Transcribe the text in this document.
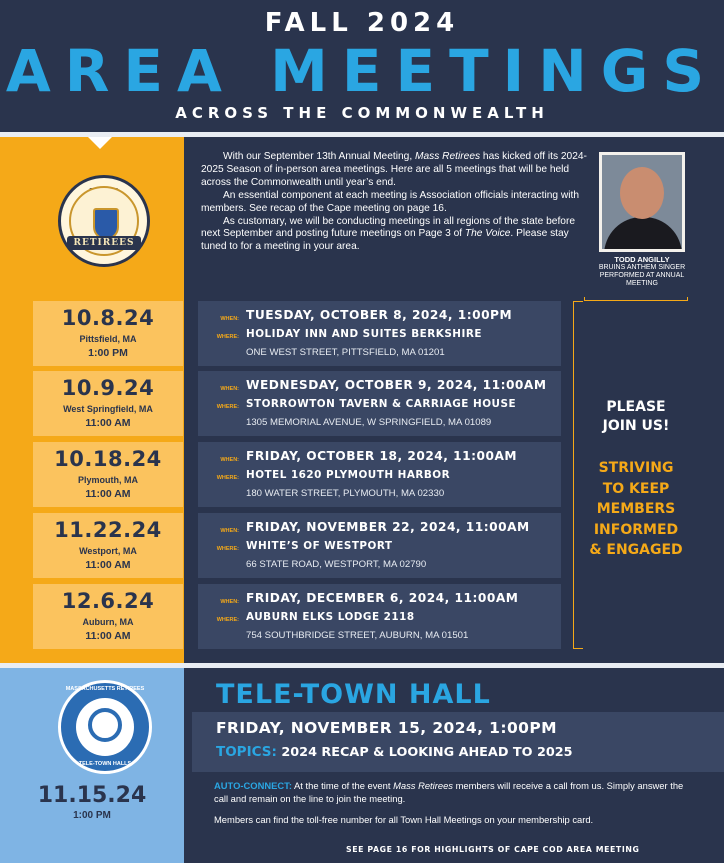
FALL 2024
AREA MEETINGS
ACROSS THE COMMONWEALTH
RETIREES

With our September 13th Annual Meeting, Mass Retirees has kicked off its 2024-2025 Season of in-person area meetings. Here are all 5 meetings that will be held across the Commonwealth until year’s end.

An essential component at each meeting is Association officials interacting with members. See recap of the Cape meeting on page 16.

As customary, we will be conducting meetings in all regions of the state before next September and posting future meetings on Page 3 of The Voice. Please stay tuned to for a meeting in your area.

TODD ANGILLY
BRUINS ANTHEM SINGER PERFORMED AT ANNUAL MEETING
10.8.24
Pittsfield, MA
1:00 PM
WHEN:
WHERE:
TUESDAY, OCTOBER 8, 2024, 1:00PM
HOLIDAY INN AND SUITES BERKSHIRE
ONE WEST STREET, PITTSFIELD, MA 01201
10.9.24
West Springfield, MA
11:00 AM
WHEN:
WHERE:
WEDNESDAY, OCTOBER 9, 2024, 11:00AM
STORROWTON TAVERN & CARRIAGE HOUSE
1305 MEMORIAL AVENUE, W SPRINGFIELD, MA 01089
10.18.24
Plymouth, MA
11:00 AM
WHEN:
WHERE:
FRIDAY, OCTOBER 18, 2024, 11:00AM
HOTEL 1620 PLYMOUTH HARBOR
180 WATER STREET, PLYMOUTH, MA 02330
11.22.24
Westport, MA
11:00 AM
WHEN:
WHERE:
FRIDAY, NOVEMBER 22, 2024, 11:00AM
WHITE’S OF WESTPORT
66 STATE ROAD, WESTPORT, MA 02790
12.6.24
Auburn, MA
11:00 AM
WHEN:
WHERE:
FRIDAY, DECEMBER 6, 2024, 11:00AM
AUBURN ELKS LODGE 2118
754 SOUTHBRIDGE STREET, AUBURN, MA 01501
PLEASE
JOIN US!
STRIVING
TO KEEP
MEMBERS
INFORMED
& ENGAGED
MASSACHUSETTS RETIREES
TELE-TOWN HALLS
11.15.24
1:00 PM
TELE-TOWN HALL
FRIDAY, NOVEMBER 15, 2024, 1:00PM
TOPICS: 2024 RECAP & LOOKING AHEAD TO 2025
AUTO-CONNECT: At the time of the event Mass Retirees members will receive a call from us. Simply answer the call and remain on the line to join the meeting.
Members can find the toll-free number for all Town Hall Meetings on your membership card.
SEE PAGE 16 FOR HIGHLIGHTS OF CAPE COD AREA MEETING
